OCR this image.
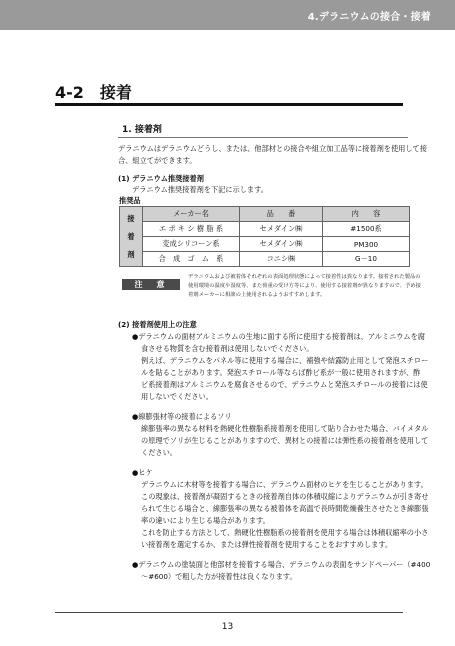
4.デラニウムの接合・接着
4-2　接着
1. 接着剤
デラニウムはデラニウムどうし、または、他部材との接合や組立加工品等に接着剤を使用して接
合、組立てができます。
(1) デラニウム推奨接着剤
デラニウム推奨接着剤を下記に示します。
推奨品
接
着
剤	メーカー名	品　　番	内　　容
	エ ポ キ シ 樹 脂 系	セメダイン㈱	#1500系
	変成シリコーン系	セメダイン㈱	PM300
	合　成　ゴ　ム　系	コニシ㈱	G－10
注　意
デラニウムおよび被着体それぞれの表面処理状態によって接着性は異なります。接着された製品の
使用環境の温度や湿度等、また荷重の受け方等により、使用する接着剤が異なりますので、予め接
着剤メーカーに相談の上使用されるようおすすめします。
(2) 接着剤使用上の注意
●デラニウムの面材アルミニウムの生地に面する所に使用する接着剤は、アルミニウムを腐
食させる物質を含む接着剤は使用しないでください。
例えば、デラニウムをパネル等に使用する場合に、補強や結露防止用として発泡スチロー
ルを貼ることがあります。発泡スチロール等ならば酢ビ系が一般に使用されますが、酢
ビ系接着剤はアルミニウムを腐食させるので、デラニウムと発泡スチロールの接着には使
用しないでください。
●線膨張材等の接着によるソリ
線膨張率の異なる材料を熱硬化性樹脂系接着剤を使用して貼り合わせた場合、バイメタル
の原理でソリが生じることがありますので、異材との接着には弾性系の接着剤を使用して
ください。
●ヒケ
デラニウムに木材等を接着する場合に、デラニウム面材のヒケを生じることがあります。
この現象は、接着剤が凝固するときの接着剤自体の体積収縮によりデラニウムが引き寄せ
られて生じる場合と、線膨張率の異なる被着体を高温で長時間乾燥養生させたとき線膨張
率の違いにより生じる場合があります。
これを防止する方法として、熱硬化性樹脂系の接着剤を使用する場合は体積収縮率の小さ
い接着剤を選定するか、または弾性接着剤を使用することをおすすめします。
●デラニウムの塗装面と他部材を接着する場合、デラニウムの表面をサンドペーパー（#400
～#600）で粗した方が接着性は良くなります。
13
